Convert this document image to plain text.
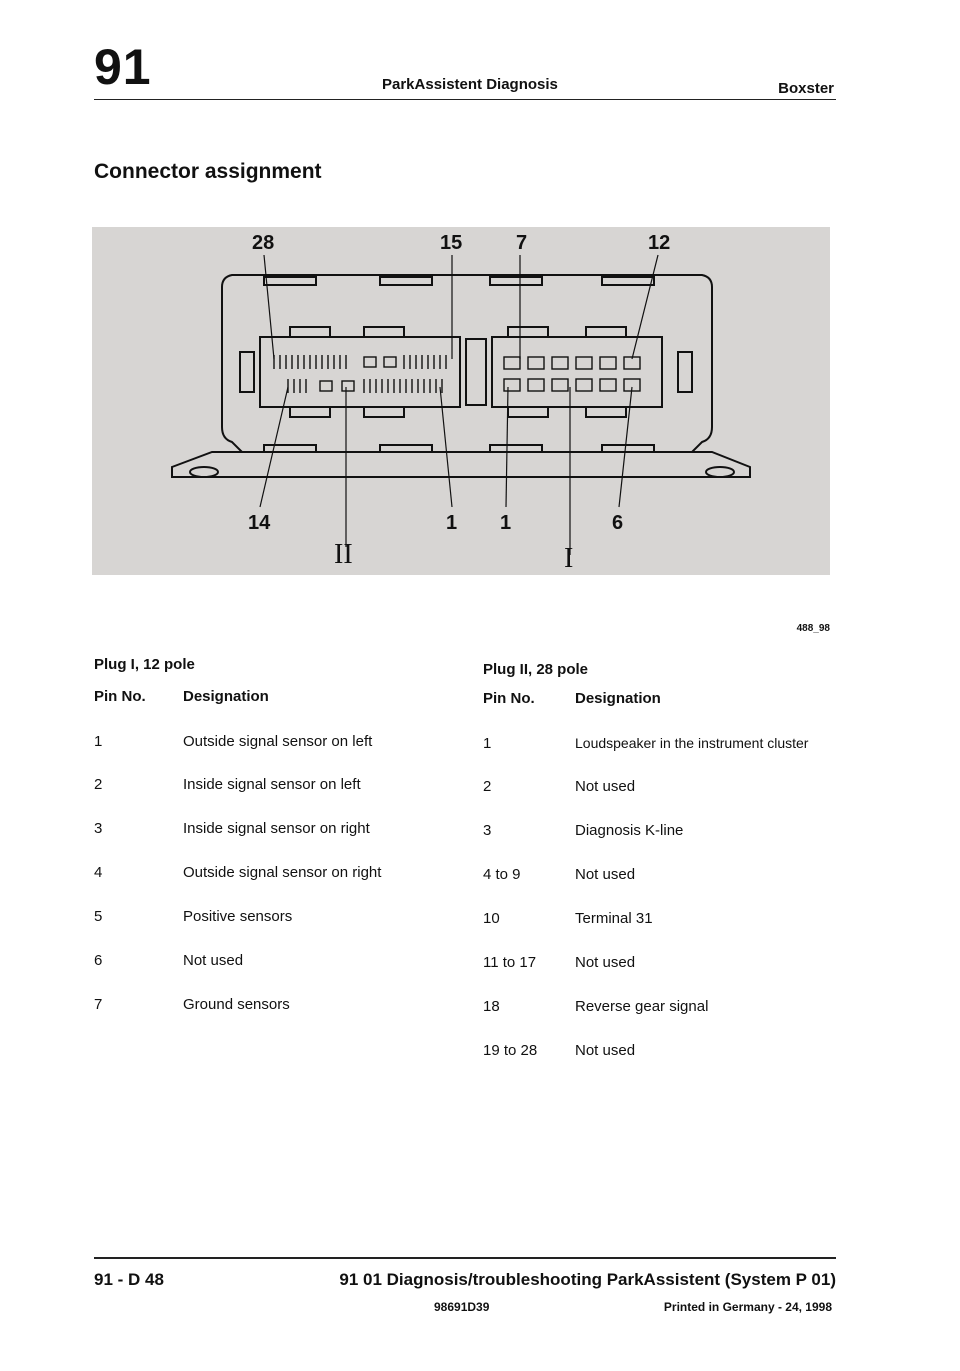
91	ParkAssistent Diagnosis	Boxster
Connector assignment
28	15	7	12
14	1 1	6
II	I
488_98
Plug I, 12 pole
Pin No. Designation
1	Outside signal sensor on left
2	Inside signal sensor on left
3	Inside signal sensor on right
4	Outside signal sensor on right
5	Positive sensors
6	Not used
7	Ground sensors
Plug II, 28 pole
Pin No.	Designation
1	Loudspeaker in the instrument cluster
2	Not used
3	Diagnosis K-line
4 to 9	Not used
10	Terminal 31
11 to 17	Not used
18	Reverse gear signal
19 to 28	Not used
91 - D 48	91 01 Diagnosis/troubleshooting ParkAssistent (System P 01)
98691D39	Printed in Germany - 24, 1998
